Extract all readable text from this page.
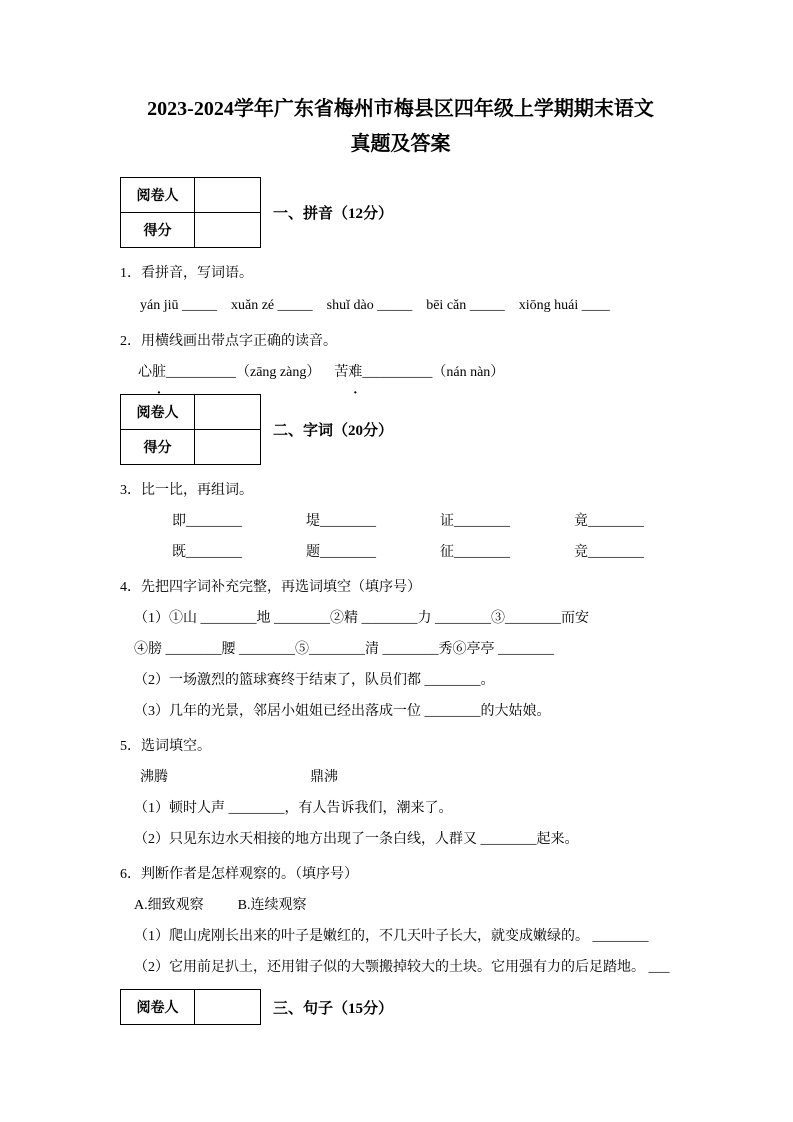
2023-2024学年广东省梅州市梅县区四年级上学期期末语文
真题及答案
阅卷人	
得分	
一、拼音（12分）

1．看拼音，写词语。

yán jiū _____ xuǎn zé _____ shuǐ dào _____ bēi cǎn _____ xiōng huái ____

2．用横线画出带点字正确的读音。

心脏__________（zāng zàng） 苦难__________（nán nàn）

阅卷人	
得分	
二、字词（20分）

3．比一比，再组词。

即________	堤________	证________	竟________

既________	题________	征________	竞________

4．先把四字词补充完整，再选词填空（填序号）

（1）①山 ________地 ________②精 ________力 ________③________而安

④膀 ________腰 ________⑤________清 ________秀⑥亭亭 ________

（2）一场激烈的篮球赛终于结束了，队员们都 ________。

（3）几年的光景，邻居小姐姐已经出落成一位 ________的大姑娘。

5．选词填空。

沸腾	鼎沸

（1）顿时人声 ________，有人告诉我们，潮来了。

（2）只见东边水天相接的地方出现了一条白线，人群又 ________起来。

6．判断作者是怎样观察的。（填序号）

A.细致观察 B.连续观察

（1）爬山虎刚长出来的叶子是嫩红的，不几天叶子长大，就变成嫩绿的。 ________

（2）它用前足扒土，还用钳子似的大颚搬掉较大的土块。它用强有力的后足踏地。 ___

阅卷人		三、句子（15分）
